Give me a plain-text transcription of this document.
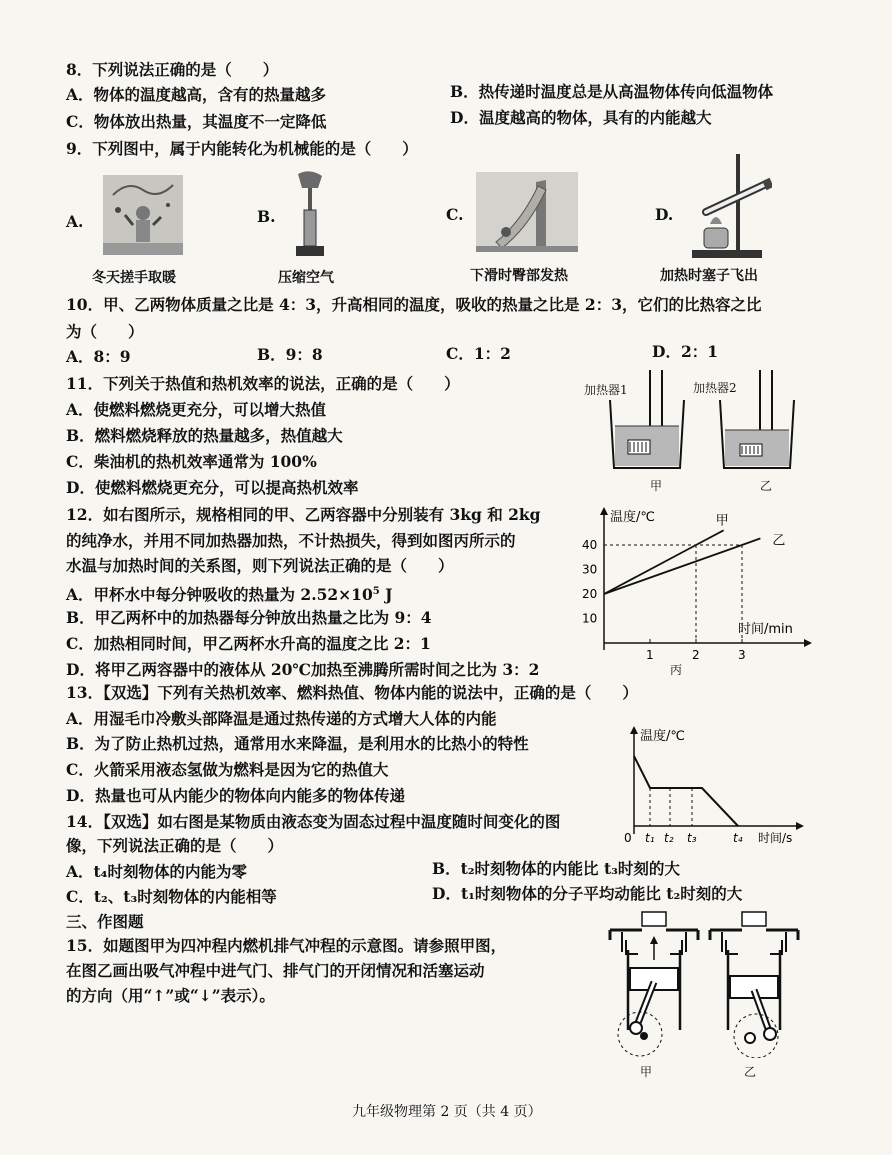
8．下列说法正确的是（　　）
A．物体的温度越高，含有的热量越多	B．热传递时温度总是从高温物体传向低温物体
C．物体放出热量，其温度不一定降低	D．温度越高的物体，具有的内能越大
9．下列图中，属于内能转化为机械能的是（　　）
A.	B.	C.	D.
冬天搓手取暖	压缩空气	下滑时臀部发热	加热时塞子飞出
10．甲、乙两物体质量之比是 4：3，升高相同的温度，吸收的热量之比是 2：3，它们的比热容之比
为（　　）
A．8：9	B．9：8	C．1：2	D．2：1
11．下列关于热值和热机效率的说法，正确的是（　　）
A．使燃料燃烧更充分，可以增大热值
B．燃料燃烧释放的热量越多，热值越大
C．柴油机的热机效率通常为 100%
D．使燃料燃烧更充分，可以提高热机效率
加热器1	加热器2
甲	乙
12．如右图所示，规格相同的甲、乙两容器中分别装有 3kg 和 2kg
的纯净水，并用不同加热器加热，不计热损失，得到如图丙所示的
水温与加热时间的关系图，则下列说法正确的是（　　）
A．甲杯水中每分钟吸收的热量为 $2.52\times 10^5$ J
B．甲乙两杯中的加热器每分钟放出热量之比为 9：4
C．加热相同时间，甲乙两杯水升高的温度之比 2：1
D．将甲乙两容器中的液体从 20℃加热至沸腾所需时间之比为 3：2
温度/℃
时间/min
10
20
30
40
1	2	3
甲
乙
丙
13．【双选】下列有关热机效率、燃料热值、物体内能的说法中，正确的是（　　）
A．用湿毛巾冷敷头部降温是通过热传递的方式增大人体的内能
B．为了防止热机过热，通常用水来降温，是利用水的比热小的特性
C．火箭采用液态氢做为燃料是因为它的热值大
D．热量也可从内能少的物体向内能多的物体传递
温度/℃
0 t₁ t₂ t₃	t₄ 时间/s
14．【双选】如右图是某物质由液态变为固态过程中温度随时间变化的图
像，下列说法正确的是（　　）
A．t₄时刻物体的内能为零	B．t₂时刻物体的内能比 t₃时刻的大
C．t₂、t₃时刻物体的内能相等	D．t₁时刻物体的分子平均动能比 t₂时刻的大
三、作图题
15．如题图甲为四冲程内燃机排气冲程的示意图。请参照甲图，
在图乙画出吸气冲程中进气门、排气门的开闭情况和活塞运动
的方向（用“↑”或“↓”表示）。
甲	乙
九年级物理第 2 页（共 4 页）
